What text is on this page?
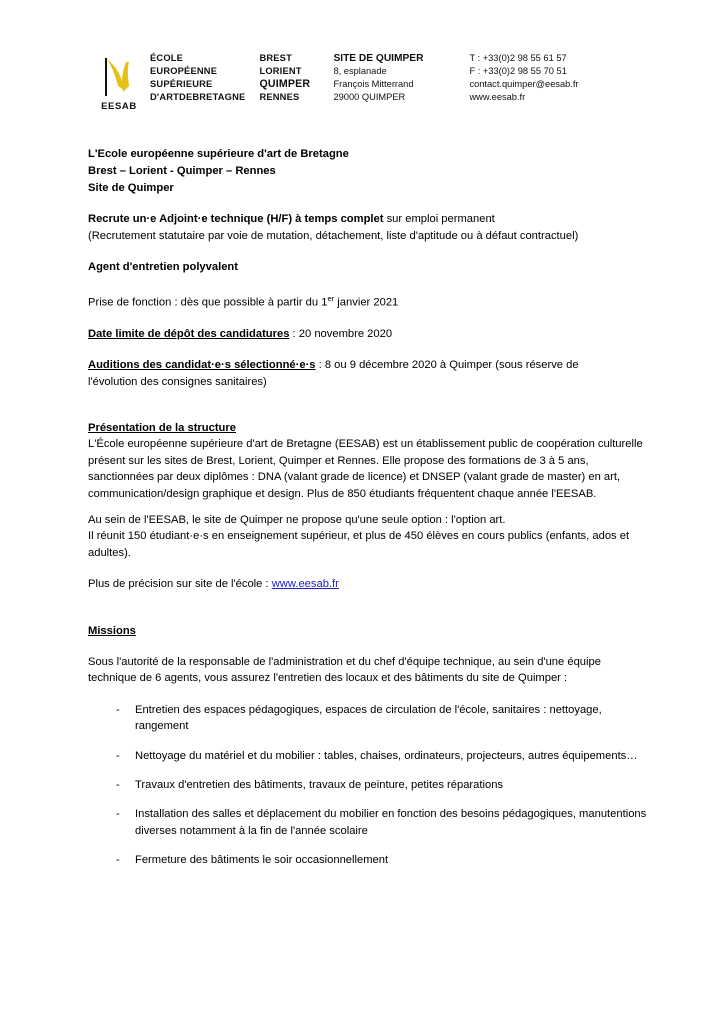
EESAB
ÉCOLE
EUROPÉENNE
SUPÉRIEURE
D'ARTDEBRETAGNE
BREST
LORIENT
QUIMPER
RENNES
SITE DE QUIMPER
8, esplanade
François Mitterrand
29000 QUIMPER
T : +33(0)2 98 55 61 57
F : +33(0)2 98 55 70 51
contact.quimper@eesab.fr
www.eesab.fr

L'Ecole européenne supérieure d'art de Bretagne

Brest – Lorient - Quimper – Rennes

Site de Quimper

Recrute un·e Adjoint·e technique (H/F) à temps complet sur emploi permanent

(Recrutement statutaire par voie de mutation, détachement, liste d'aptitude ou à défaut contractuel)

Agent d'entretien polyvalent

Prise de fonction : dès que possible à partir du 1er janvier 2021

Date limite de dépôt des candidatures : 20 novembre 2020

Auditions des candidat·e·s sélectionné·e·s : 8 ou 9 décembre 2020 à Quimper (sous réserve de

l'évolution des consignes sanitaires)

Présentation de la structure

L'École européenne supérieure d'art de Bretagne (EESAB) est un établissement public de coopération culturelle présent sur les sites de Brest, Lorient, Quimper et Rennes. Elle propose des formations de 3 à 5 ans, sanctionnées par deux diplômes : DNA (valant grade de licence) et DNSEP (valant grade de master) en art, communication/design graphique et design. Plus de 850 étudiants fréquentent chaque année l'EESAB.

Au sein de l'EESAB, le site de Quimper ne propose qu'une seule option : l'option art.

Il réunit 150 étudiant·e·s en enseignement supérieur, et plus de 450 élèves en cours publics (enfants, ados et adultes).

Plus de précision sur site de l'école : www.eesab.fr

Missions

Sous l'autorité de la responsable de l'administration et du chef d'équipe technique, au sein d'une équipe technique de 6 agents, vous assurez l'entretien des locaux et des bâtiments du site de Quimper :

- Entretien des espaces pédagogiques, espaces de circulation de l'école, sanitaires : nettoyage, rangement
- Nettoyage du matériel et du mobilier : tables, chaises, ordinateurs, projecteurs, autres équipements…
- Travaux d'entretien des bâtiments, travaux de peinture, petites réparations
- Installation des salles et déplacement du mobilier en fonction des besoins pédagogiques, manutentions diverses notamment à la fin de l'année scolaire
- Fermeture des bâtiments le soir occasionnellement
